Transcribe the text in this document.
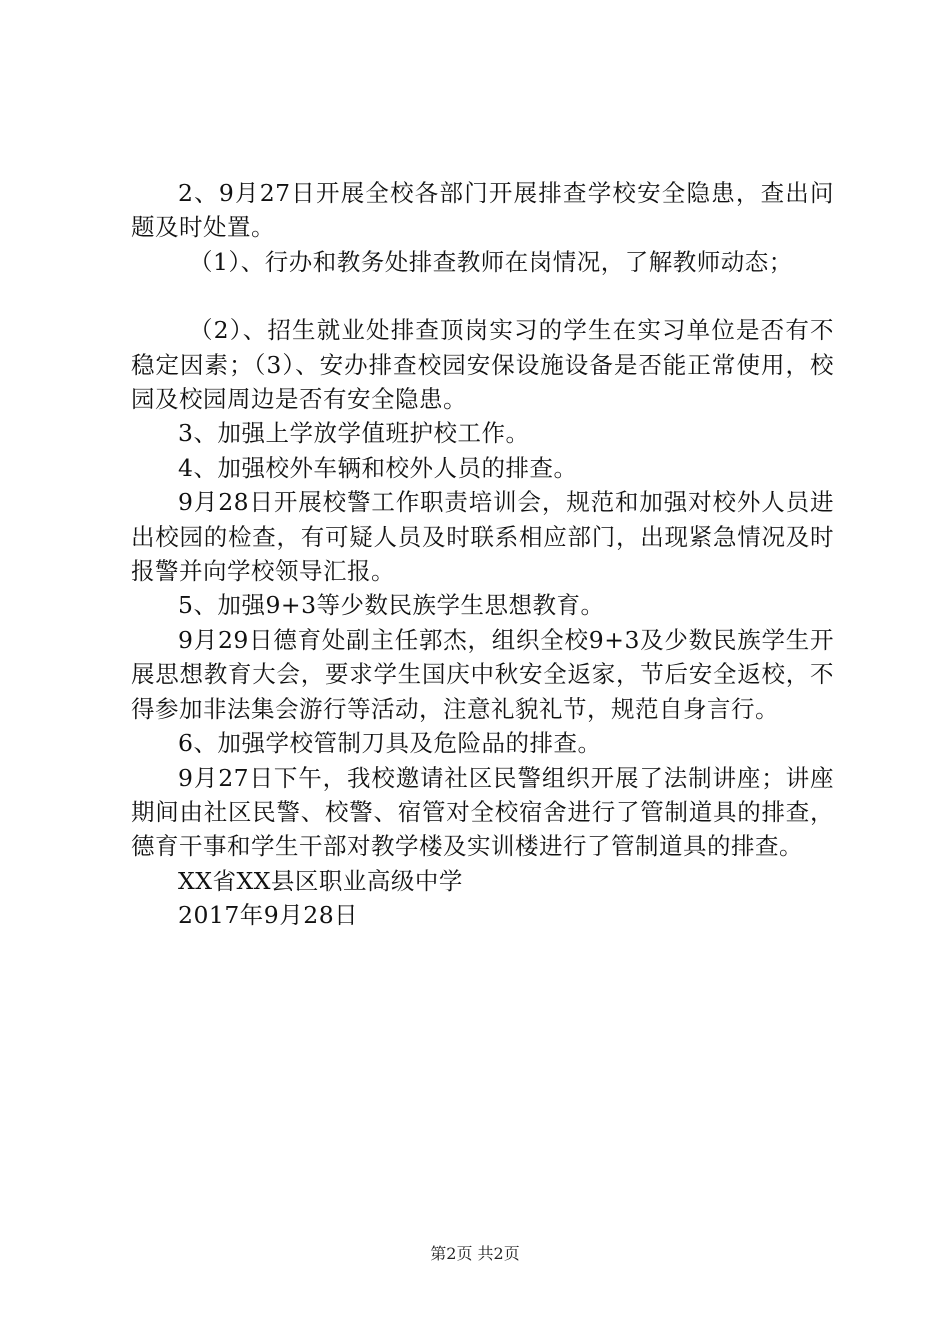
2、9月27日开展全校各部门开展排查学校安全隐患，查出问题及时处置。

（1）、行办和教务处排查教师在岗情况，了解教师动态；

（2）、招生就业处排查顶岗实习的学生在实习单位是否有不稳定因素；（3）、安办排查校园安保设施设备是否能正常使用，校园及校园周边是否有安全隐患。

3、加强上学放学值班护校工作。

4、加强校外车辆和校外人员的排查。

9月28日开展校警工作职责培训会，规范和加强对校外人员进出校园的检查，有可疑人员及时联系相应部门，出现紧急情况及时报警并向学校领导汇报。

5、加强9+3等少数民族学生思想教育。

9月29日德育处副主任郭杰，组织全校9+3及少数民族学生开展思想教育大会，要求学生国庆中秋安全返家，节后安全返校，不得参加非法集会游行等活动，注意礼貌礼节，规范自身言行。

6、加强学校管制刀具及危险品的排查。

9月27日下午，我校邀请社区民警组织开展了法制讲座；讲座期间由社区民警、校警、宿管对全校宿舍进行了管制道具的排查，德育干事和学生干部对教学楼及实训楼进行了管制道具的排查。

XX省XX县区职业高级中学

2017年9月28日

第2页 共2页
